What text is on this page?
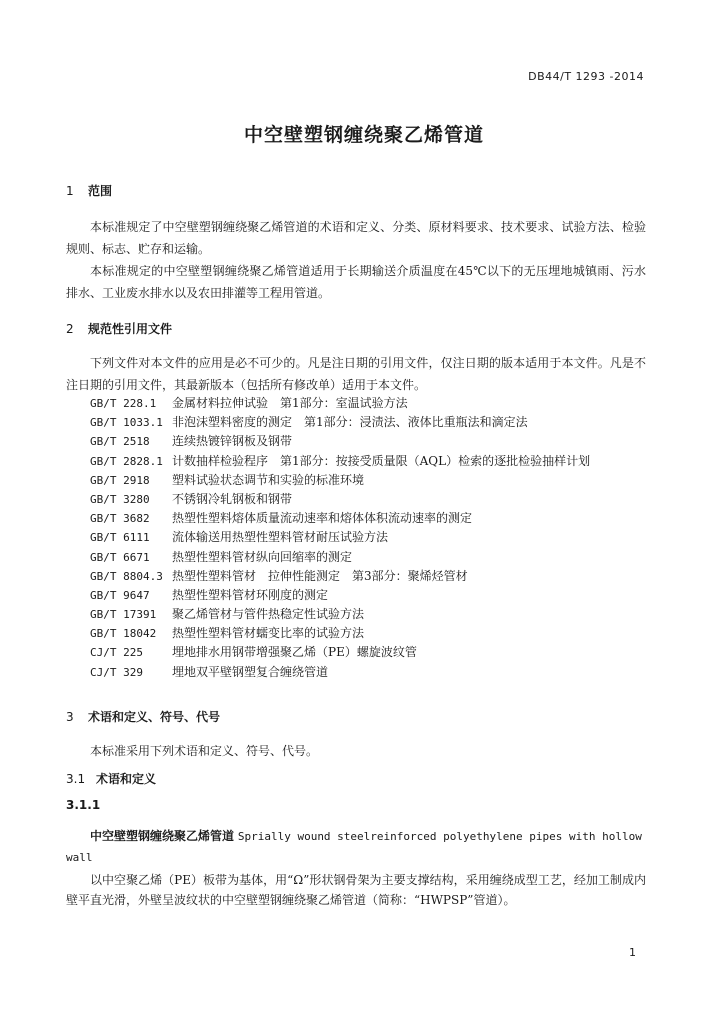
DB44/T 1293 -2014
中空壁塑钢缠绕聚乙烯管道
1 范围

本标准规定了中空壁塑钢缠绕聚乙烯管道的术语和定义、分类、原材料要求、技术要求、试验方法、检验规则、标志、贮存和运输。

本标准规定的中空壁塑钢缠绕聚乙烯管道适用于长期输送介质温度在45℃以下的无压埋地城镇雨、污水排水、工业废水排水以及农田排灌等工程用管道。

2 规范性引用文件

下列文件对本文件的应用是必不可少的。凡是注日期的引用文件，仅注日期的版本适用于本文件。凡是不注日期的引用文件，其最新版本（包括所有修改单）适用于本文件。

GB/T 228.1 金属材料拉伸试验　第1部分：室温试验方法
GB/T 1033.1 非泡沫塑料密度的测定　第1部分：浸渍法、液体比重瓶法和滴定法
GB/T 2518 连续热镀锌钢板及钢带
GB/T 2828.1 计数抽样检验程序　第1部分：按接受质量限（AQL）检索的逐批检验抽样计划
GB/T 2918 塑料试验状态调节和实验的标准环境
GB/T 3280 不锈钢冷轧钢板和钢带
GB/T 3682 热塑性塑料熔体质量流动速率和熔体体积流动速率的测定
GB/T 6111 流体输送用热塑性塑料管材耐压试验方法
GB/T 6671 热塑性塑料管材纵向回缩率的测定
GB/T 8804.3 热塑性塑料管材　拉伸性能测定　第3部分：聚烯烃管材
GB/T 9647 热塑性塑料管材环刚度的测定
GB/T 17391 聚乙烯管材与管件热稳定性试验方法
GB/T 18042 热塑性塑料管材蠕变比率的试验方法
CJ/T 225 埋地排水用钢带增强聚乙烯（PE）螺旋波纹管
CJ/T 329 埋地双平壁钢塑复合缠绕管道
3 术语和定义、符号、代号

本标准采用下列术语和定义、符号、代号。

3.1 术语和定义
3.1.1
中空壁塑钢缠绕聚乙烯管道 Sprially wound steelreinforced polyethylene pipes with hollow wall
以中空聚乙烯（PE）板带为基体，用“Ω”形状钢骨架为主要支撑结构，采用缠绕成型工艺，经加工制成内壁平直光滑，外壁呈波纹状的中空壁塑钢缠绕聚乙烯管道（简称：“HWPSP”管道）。
1
